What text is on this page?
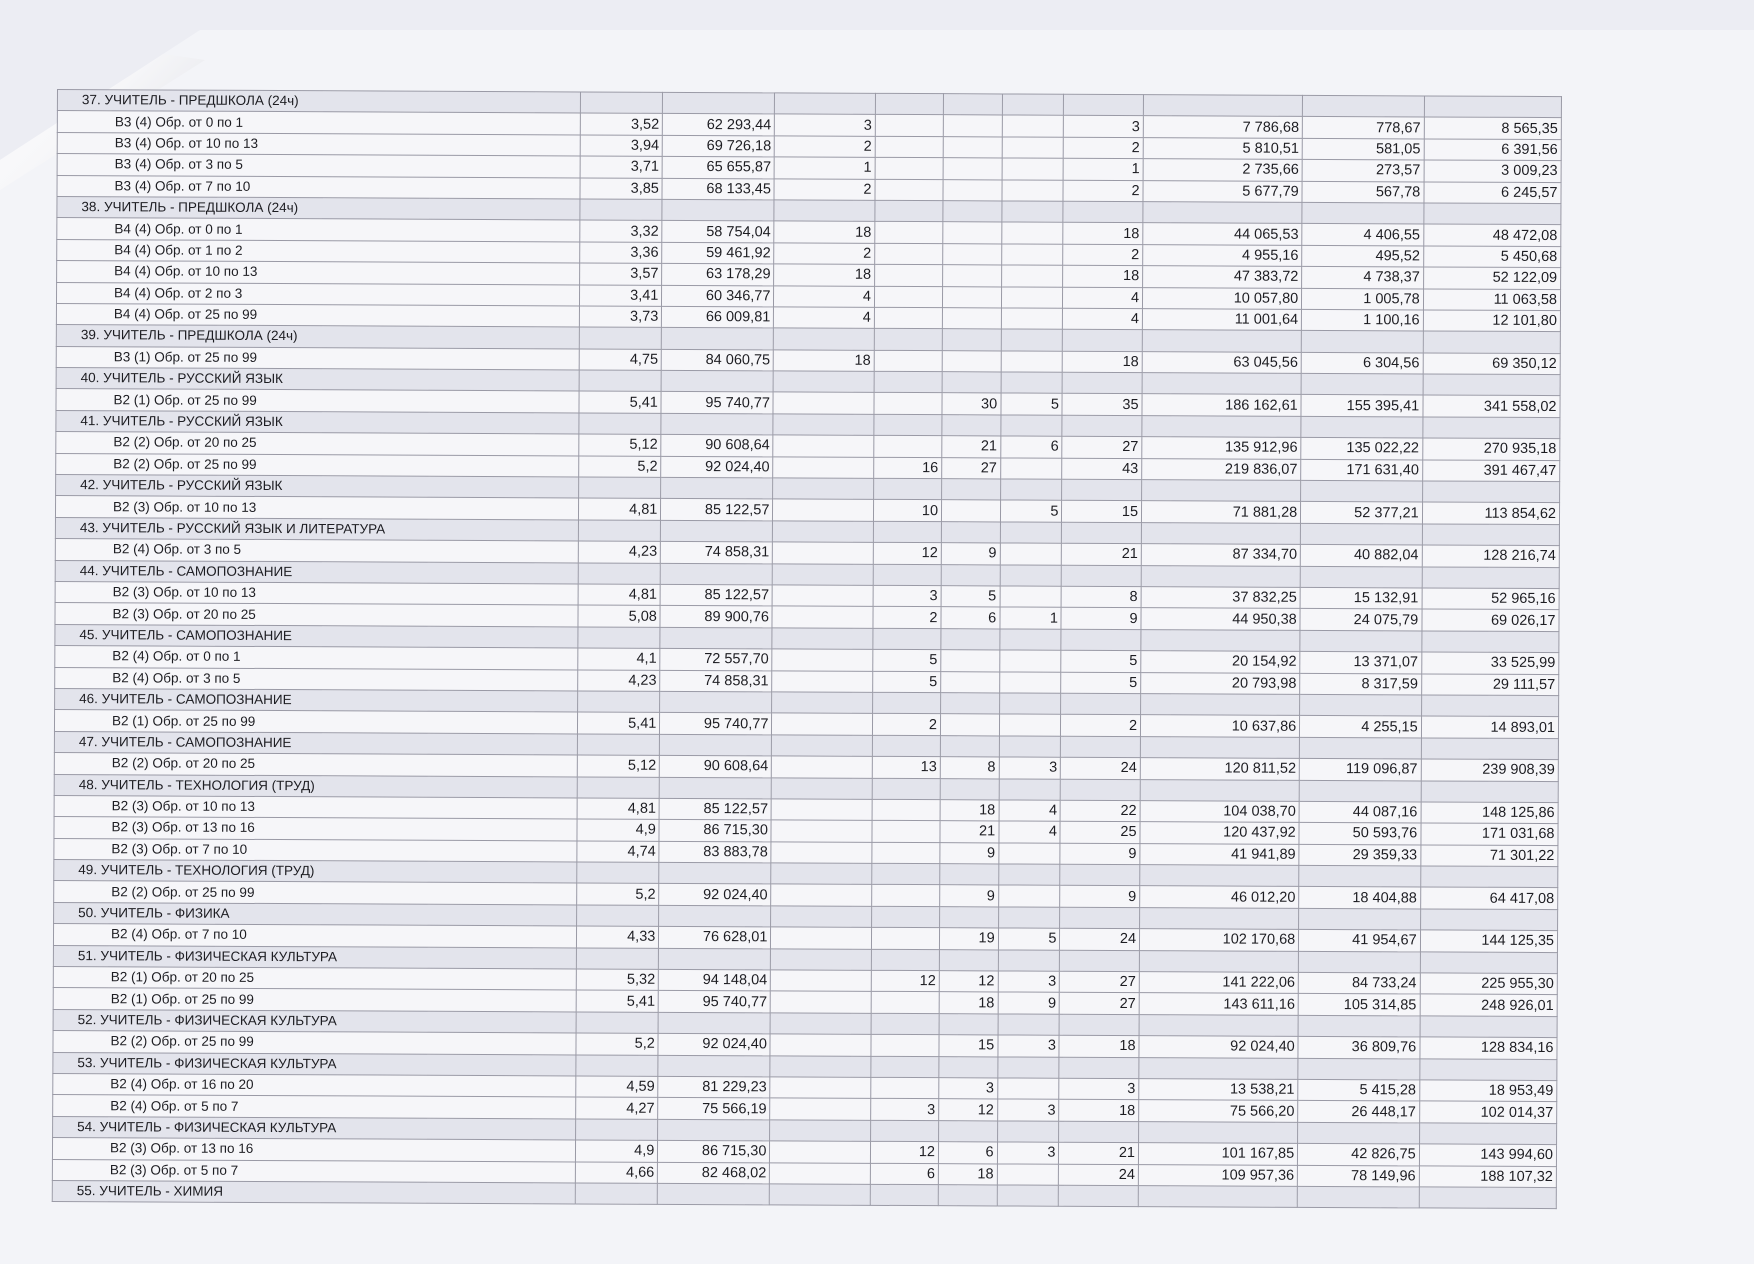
37. УЧИТЕЛЬ - ПРЕДШКОЛА (24ч)										
В3 (4) Обр. от 0 по 1	3,52	62 293,44	3				3	7 786,68	778,67	8 565,35
В3 (4) Обр. от 10 по 13	3,94	69 726,18	2				2	5 810,51	581,05	6 391,56
В3 (4) Обр. от 3 по 5	3,71	65 655,87	1				1	2 735,66	273,57	3 009,23
В3 (4) Обр. от 7 по 10	3,85	68 133,45	2				2	5 677,79	567,78	6 245,57
38. УЧИТЕЛЬ - ПРЕДШКОЛА (24ч)										
В4 (4) Обр. от 0 по 1	3,32	58 754,04	18				18	44 065,53	4 406,55	48 472,08
В4 (4) Обр. от 1 по 2	3,36	59 461,92	2				2	4 955,16	495,52	5 450,68
В4 (4) Обр. от 10 по 13	3,57	63 178,29	18				18	47 383,72	4 738,37	52 122,09
В4 (4) Обр. от 2 по 3	3,41	60 346,77	4				4	10 057,80	1 005,78	11 063,58
В4 (4) Обр. от 25 по 99	3,73	66 009,81	4				4	11 001,64	1 100,16	12 101,80
39. УЧИТЕЛЬ - ПРЕДШКОЛА (24ч)										
В3 (1) Обр. от 25 по 99	4,75	84 060,75	18				18	63 045,56	6 304,56	69 350,12
40. УЧИТЕЛЬ - РУССКИЙ ЯЗЫК										
В2 (1) Обр. от 25 по 99	5,41	95 740,77			30	5	35	186 162,61	155 395,41	341 558,02
41. УЧИТЕЛЬ - РУССКИЙ ЯЗЫК										
В2 (2) Обр. от 20 по 25	5,12	90 608,64			21	6	27	135 912,96	135 022,22	270 935,18
В2 (2) Обр. от 25 по 99	5,2	92 024,40		16	27		43	219 836,07	171 631,40	391 467,47
42. УЧИТЕЛЬ - РУССКИЙ ЯЗЫК										
В2 (3) Обр. от 10 по 13	4,81	85 122,57		10		5	15	71 881,28	52 377,21	113 854,62
43. УЧИТЕЛЬ - РУССКИЙ ЯЗЫК И ЛИТЕРАТУРА										
В2 (4) Обр. от 3 по 5	4,23	74 858,31		12	9		21	87 334,70	40 882,04	128 216,74
44. УЧИТЕЛЬ - САМОПОЗНАНИЕ										
В2 (3) Обр. от 10 по 13	4,81	85 122,57		3	5		8	37 832,25	15 132,91	52 965,16
В2 (3) Обр. от 20 по 25	5,08	89 900,76		2	6	1	9	44 950,38	24 075,79	69 026,17
45. УЧИТЕЛЬ - САМОПОЗНАНИЕ										
В2 (4) Обр. от 0 по 1	4,1	72 557,70		5			5	20 154,92	13 371,07	33 525,99
В2 (4) Обр. от 3 по 5	4,23	74 858,31		5			5	20 793,98	8 317,59	29 111,57
46. УЧИТЕЛЬ - САМОПОЗНАНИЕ										
В2 (1) Обр. от 25 по 99	5,41	95 740,77		2			2	10 637,86	4 255,15	14 893,01
47. УЧИТЕЛЬ - САМОПОЗНАНИЕ										
В2 (2) Обр. от 20 по 25	5,12	90 608,64		13	8	3	24	120 811,52	119 096,87	239 908,39
48. УЧИТЕЛЬ - ТЕХНОЛОГИЯ (ТРУД)										
В2 (3) Обр. от 10 по 13	4,81	85 122,57			18	4	22	104 038,70	44 087,16	148 125,86
В2 (3) Обр. от 13 по 16	4,9	86 715,30			21	4	25	120 437,92	50 593,76	171 031,68
В2 (3) Обр. от 7 по 10	4,74	83 883,78			9		9	41 941,89	29 359,33	71 301,22
49. УЧИТЕЛЬ - ТЕХНОЛОГИЯ (ТРУД)										
В2 (2) Обр. от 25 по 99	5,2	92 024,40			9		9	46 012,20	18 404,88	64 417,08
50. УЧИТЕЛЬ - ФИЗИКА										
В2 (4) Обр. от 7 по 10	4,33	76 628,01			19	5	24	102 170,68	41 954,67	144 125,35
51. УЧИТЕЛЬ - ФИЗИЧЕСКАЯ КУЛЬТУРА										
В2 (1) Обр. от 20 по 25	5,32	94 148,04		12	12	3	27	141 222,06	84 733,24	225 955,30
В2 (1) Обр. от 25 по 99	5,41	95 740,77			18	9	27	143 611,16	105 314,85	248 926,01
52. УЧИТЕЛЬ - ФИЗИЧЕСКАЯ КУЛЬТУРА										
В2 (2) Обр. от 25 по 99	5,2	92 024,40			15	3	18	92 024,40	36 809,76	128 834,16
53. УЧИТЕЛЬ - ФИЗИЧЕСКАЯ КУЛЬТУРА										
В2 (4) Обр. от 16 по 20	4,59	81 229,23			3		3	13 538,21	5 415,28	18 953,49
В2 (4) Обр. от 5 по 7	4,27	75 566,19		3	12	3	18	75 566,20	26 448,17	102 014,37
54. УЧИТЕЛЬ - ФИЗИЧЕСКАЯ КУЛЬТУРА										
В2 (3) Обр. от 13 по 16	4,9	86 715,30		12	6	3	21	101 167,85	42 826,75	143 994,60
В2 (3) Обр. от 5 по 7	4,66	82 468,02		6	18		24	109 957,36	78 149,96	188 107,32
55. УЧИТЕЛЬ - ХИМИЯ										
